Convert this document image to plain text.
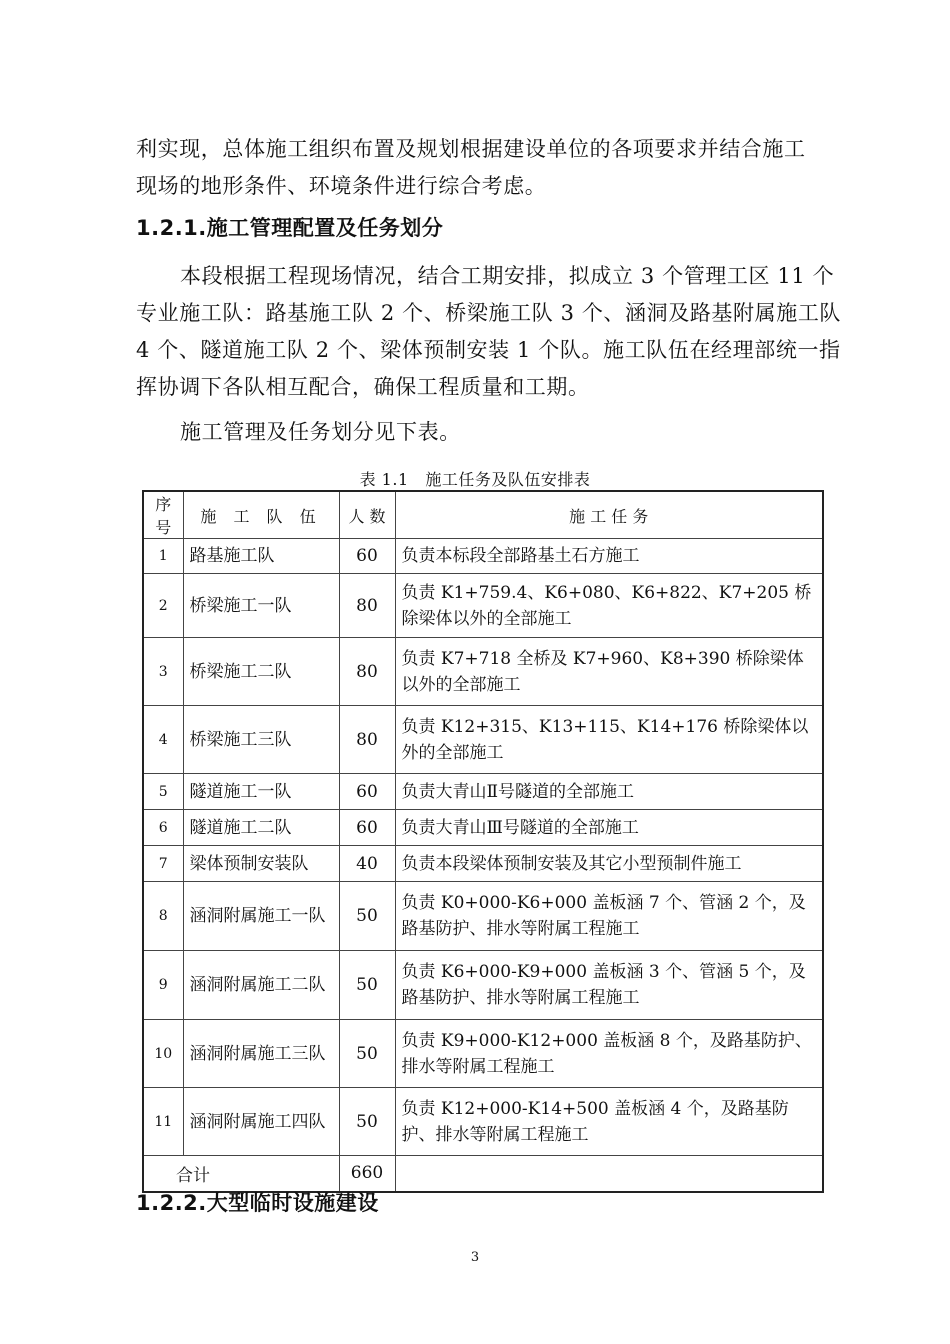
利实现，总体施工组织布置及规划根据建设单位的各项要求并结合施工
现场的地形条件、环境条件进行综合考虑。
1.2.1.施工管理配置及任务划分
本段根据工程现场情况，结合工期安排，拟成立 3 个管理工区 11 个专业施工队：路基施工队 2 个、桥梁施工队 3 个、涵洞及路基附属施工队 4 个、隧道施工队 2 个、梁体预制安装 1 个队。施工队伍在经理部统一指挥协调下各队相互配合，确保工程质量和工期。
施工管理及任务划分见下表。
表 1.1   施工任务及队伍安排表
序号	施 工 队 伍	人 数	施 工 任 务
1	路基施工队	60	负责本标段全部路基土石方施工
2	桥梁施工一队	80	负责 K1+759.4、K6+080、K6+822、K7+205 桥除梁体以外的全部施工
3	桥梁施工二队	80	负责 K7+718 全桥及 K7+960、K8+390 桥除梁体以外的全部施工
4	桥梁施工三队	80	负责 K12+315、K13+115、K14+176 桥除梁体以外的全部施工
5	隧道施工一队	60	负责大青山Ⅱ号隧道的全部施工
6	隧道施工二队	60	负责大青山Ⅲ号隧道的全部施工
7	梁体预制安装队	40	负责本段梁体预制安装及其它小型预制件施工
8	涵洞附属施工一队	50	负责 K0+000-K6+000 盖板涵 7 个、管涵 2 个，及路基防护、排水等附属工程施工
9	涵洞附属施工二队	50	负责 K6+000-K9+000 盖板涵 3 个、管涵 5 个，及路基防护、排水等附属工程施工
10	涵洞附属施工三队	50	负责 K9+000-K12+000 盖板涵 8 个，及路基防护、排水等附属工程施工
11	涵洞附属施工四队	50	负责 K12+000-K14+500 盖板涵 4 个，及路基防护、排水等附属工程施工
合计		660	
1.2.2.大型临时设施建设
3
